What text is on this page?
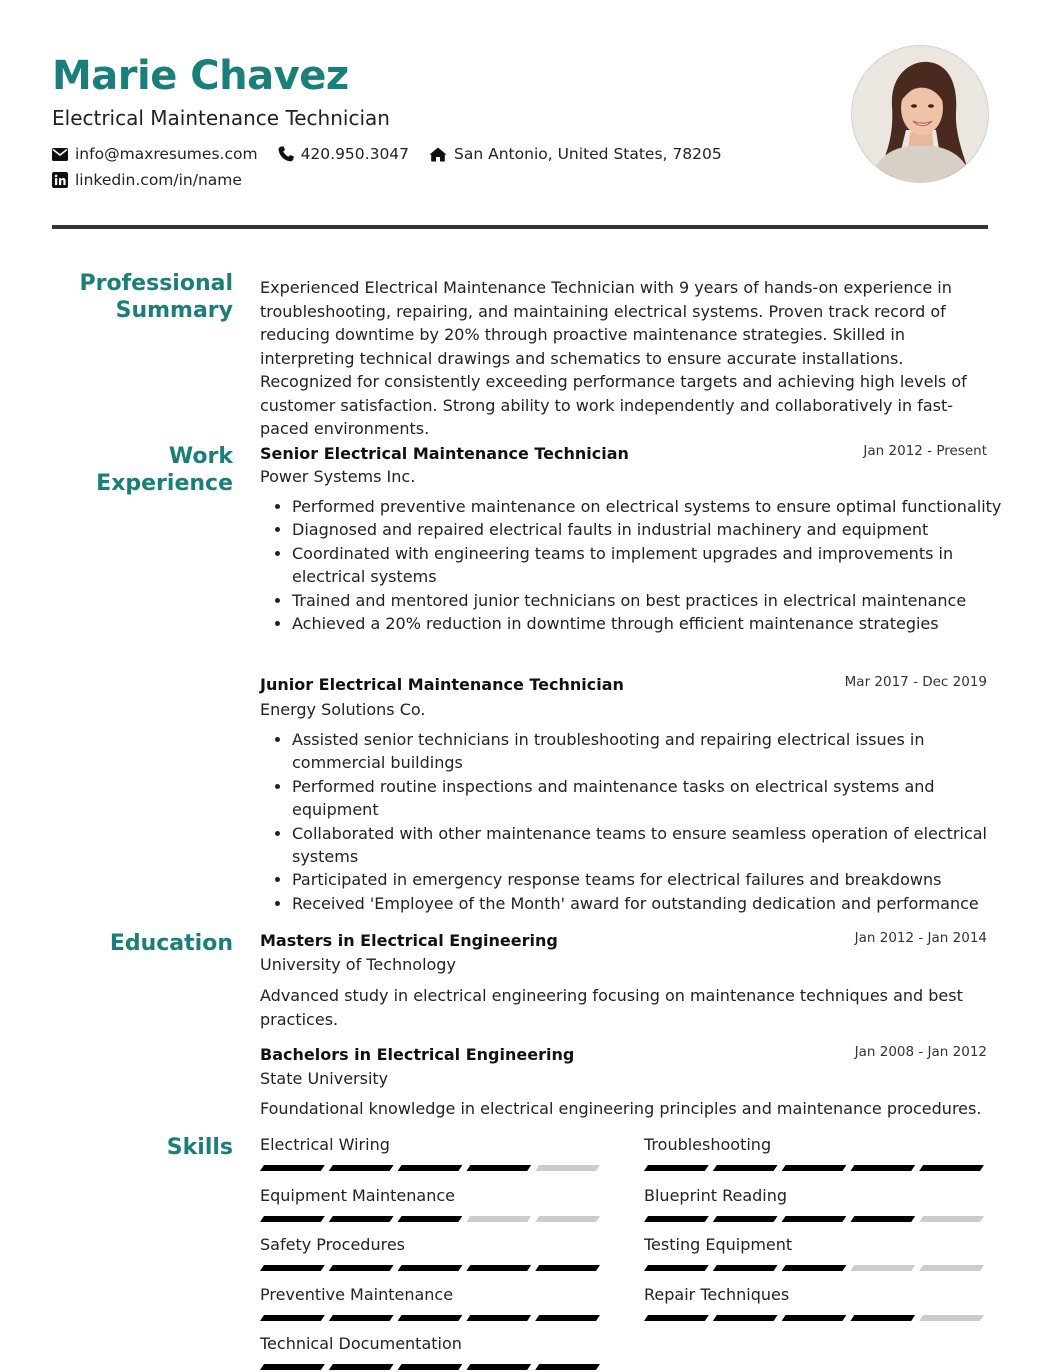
Marie Chavez
Electrical Maintenance Technician
info@maxresumes.com	420.950.3047	San Antonio, United States, 78205
linkedin.com/in/name
Professional
Summary
Experienced Electrical Maintenance Technician with 9 years of hands-on experience in troubleshooting, repairing, and maintaining electrical systems. Proven track record of reducing downtime by 20% through proactive maintenance strategies. Skilled in interpreting technical drawings and schematics to ensure accurate installations. Recognized for consistently exceeding performance targets and achieving high levels of customer satisfaction. Strong ability to work independently and collaboratively in fast-paced environments.
Work
Experience
Senior Electrical Maintenance Technician	Jan 2012 - Present
Power Systems Inc.
• Performed preventive maintenance on electrical systems to ensure optimal functionality
• Diagnosed and repaired electrical faults in industrial machinery and equipment
• Coordinated with engineering teams to implement upgrades and improvements in electrical systems
• Trained and mentored junior technicians on best practices in electrical maintenance
• Achieved a 20% reduction in downtime through efficient maintenance strategies
Junior Electrical Maintenance Technician	Mar 2017 - Dec 2019
Energy Solutions Co.
• Assisted senior technicians in troubleshooting and repairing electrical issues in commercial buildings
• Performed routine inspections and maintenance tasks on electrical systems and equipment
• Collaborated with other maintenance teams to ensure seamless operation of electrical systems
• Participated in emergency response teams for electrical failures and breakdowns
• Received 'Employee of the Month' award for outstanding dedication and performance
Education Masters in Electrical Engineering	Jan 2012 - Jan 2014
University of Technology
Advanced study in electrical engineering focusing on maintenance techniques and best practices.
Bachelors in Electrical Engineering	Jan 2008 - Jan 2012
State University
Foundational knowledge in electrical engineering principles and maintenance procedures.
Skills Electrical Wiring	Troubleshooting
Equipment Maintenance	Blueprint Reading
Safety Procedures	Testing Equipment
Preventive Maintenance	Repair Techniques
Technical Documentation
